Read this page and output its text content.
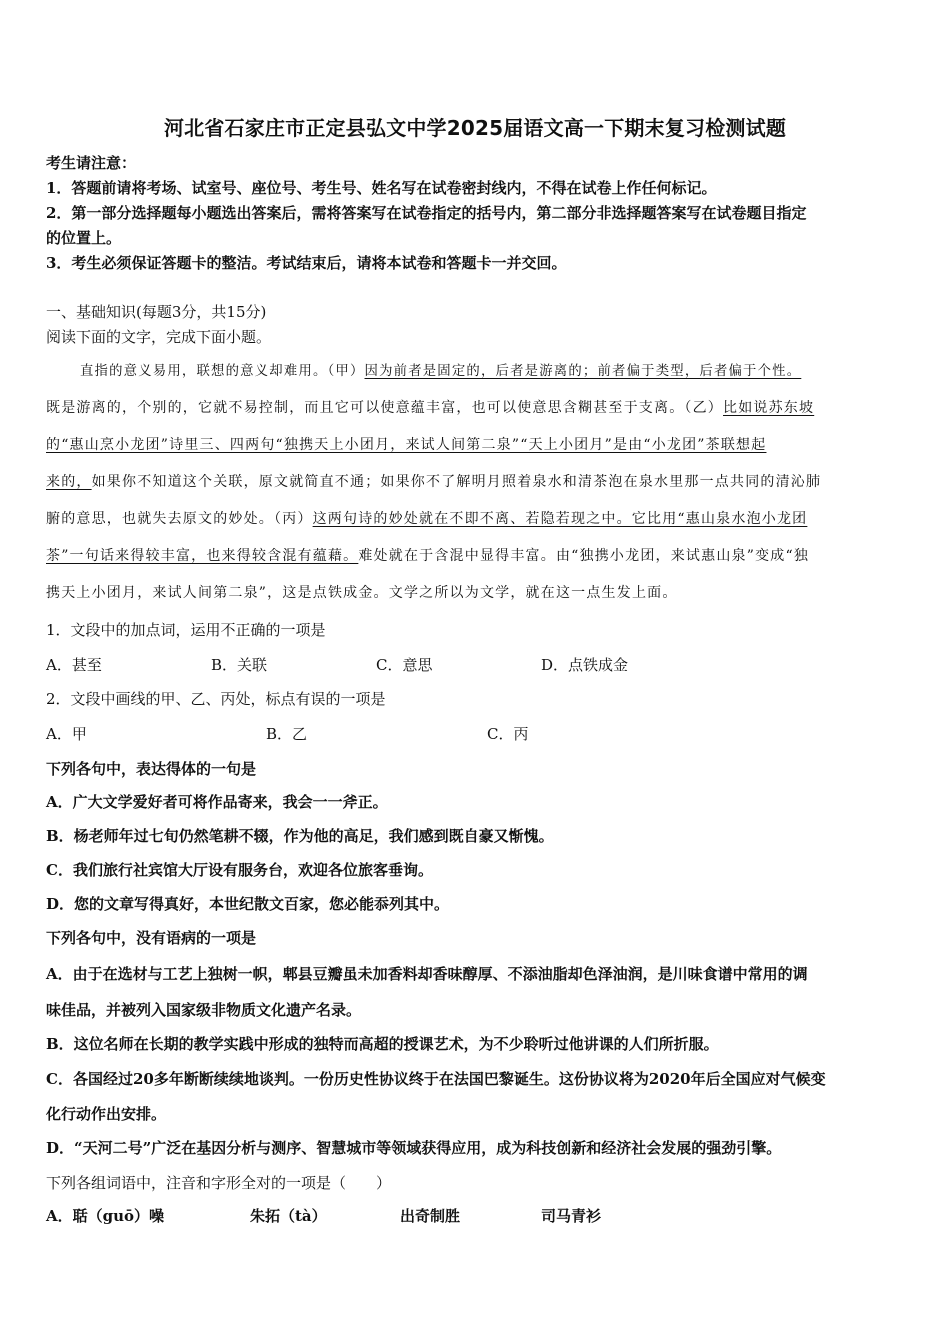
河北省石家庄市正定县弘文中学2025届语文高一下期末复习检测试题
考生请注意：
1．答题前请将考场、试室号、座位号、考生号、姓名写在试卷密封线内，不得在试卷上作任何标记。
2．第一部分选择题每小题选出答案后，需将答案写在试卷指定的括号内，第二部分非选择题答案写在试卷题目指定
的位置上。
3．考生必须保证答题卡的整洁。考试结束后，请将本试卷和答题卡一并交回。
一、基础知识(每题3分，共15分)
阅读下面的文字，完成下面小题。
直指的意义易用，联想的意义却难用。（甲）因为前者是固定的，后者是游离的；前者偏于类型，后者偏于个性。
既是游离的，个别的，它就不易控制，而且它可以使意蕴丰富，也可以使意思含糊甚至于支离。（乙）比如说苏东坡
的“惠山烹小龙团”诗里三、四两句“独携天上小团月，来试人间第二泉”“天上小团月”是由“小龙团”茶联想起
来的，如果你不知道这个关联，原文就简直不通；如果你不了解明月照着泉水和清茶泡在泉水里那一点共同的清沁肺
腑的意思，也就失去原文的妙处。（丙）这两句诗的妙处就在不即不离、若隐若现之中。它比用“惠山泉水泡小龙团
茶”一句话来得较丰富，也来得较含混有蕴藉。难处就在于含混中显得丰富。由“独携小龙团，来试惠山泉”变成“独
携天上小团月，来试人间第二泉”，这是点铁成金。文学之所以为文学，就在这一点生发上面。
1．文段中的加点词，运用不正确的一项是
A．甚至	B．关联	C．意思	D．点铁成金
2．文段中画线的甲、乙、丙处，标点有误的一项是
A．甲	B．乙	C．丙
下列各句中，表达得体的一句是
A．广大文学爱好者可将作品寄来，我会一一斧正。
B．杨老师年过七旬仍然笔耕不辍，作为他的高足，我们感到既自豪又惭愧。
C．我们旅行社宾馆大厅设有服务台，欢迎各位旅客垂询。
D．您的文章写得真好，本世纪散文百家，您必能忝列其中。
下列各句中，没有语病的一项是
A．由于在选材与工艺上独树一帜，郫县豆瓣虽未加香料却香味醇厚、不添油脂却色泽油润，是川味食谱中常用的调
味佳品，并被列入国家级非物质文化遗产名录。
B．这位名师在长期的教学实践中形成的独特而高超的授课艺术，为不少聆听过他讲课的人们所折服。
C．各国经过20多年断断续续地谈判。一份历史性协议终于在法国巴黎诞生。这份协议将为2020年后全国应对气候变
化行动作出安排。
D．“天河二号”广泛在基因分析与测序、智慧城市等领域获得应用，成为科技创新和经济社会发展的强劲引擎。
下列各组词语中，注音和字形全对的一项是（　　）
A．聒（guō）噪	朱拓（tà）	出奇制胜	司马青衫
